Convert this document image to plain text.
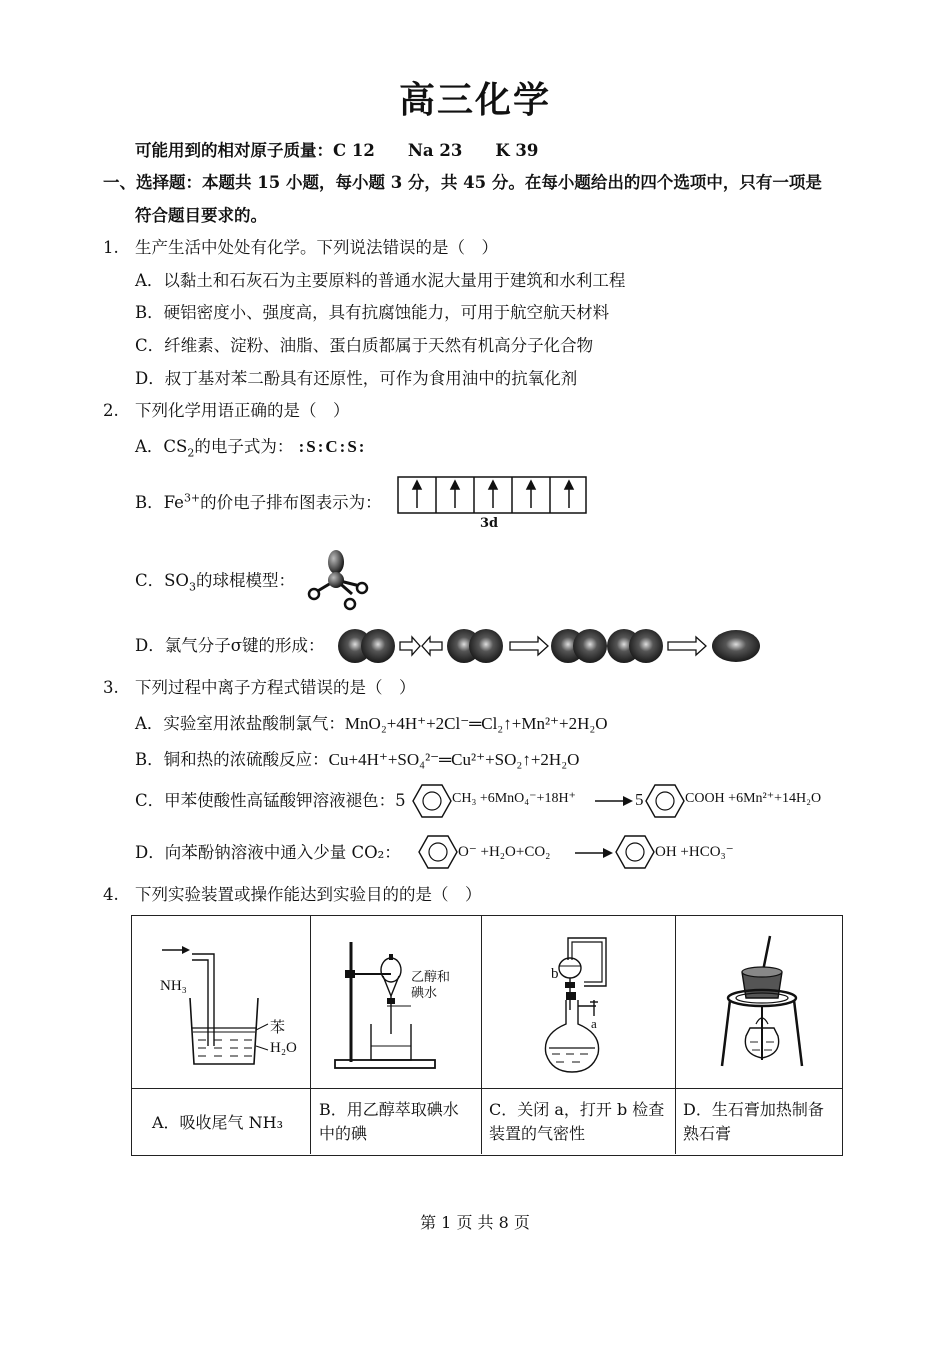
高三化学
可能用到的相对原子质量：C 12　　Na 23　　K 39
一、选择题：本题共 15 小题，每小题 3 分，共 45 分。在每小题给出的四个选项中，只有一项是
符合题目要求的。
1. 生产生活中处处有化学。下列说法错误的是（　）
A．以黏土和石灰石为主要原料的普通水泥大量用于建筑和水利工程
B．硬铝密度小、强度高，具有抗腐蚀能力，可用于航空航天材料
C．纤维素、淀粉、油脂、蛋白质都属于天然有机高分子化合物
D．叔丁基对苯二酚具有还原性，可作为食用油中的抗氧化剂
2. 下列化学用语正确的是（　）
A．$CS_2$的电子式为： :S:C:S:
B．$Fe^{3+}$的价电子排布图表示为：
3d
C．$SO_3$的球棍模型：
D．氯气分子σ键的形成：
3. 下列过程中离子方程式错误的是（　）
A．实验室用浓盐酸制氯气：MnO₂+4H⁺+2Cl⁻═Cl₂↑+Mn²⁺+2H₂O
B．铜和热的浓硫酸反应：Cu+4H⁺+SO₄²⁻═Cu²⁺+SO₂↑+2H₂O
C．甲苯使酸性高锰酸钾溶液褪色：5	CH₃ +6MnO₄⁻+18H⁺ → 5	COOH +6Mn²⁺+14H₂O
D．向苯酚钠溶液中通入少量 CO₂：	O⁻ +H₂O+CO₂	OH +HCO₃⁻
4. 下列实验装置或操作能达到实验目的的是（　）
NH₃
苯
H₂O
乙醇和
碘水
b
a
A．吸收尾气 NH₃
B．用乙醇萃取碘水中的碘
C．关闭 a，打开 b 检查装置的气密性
D．生石膏加热制备熟石膏
第 1 页 共 8 页
